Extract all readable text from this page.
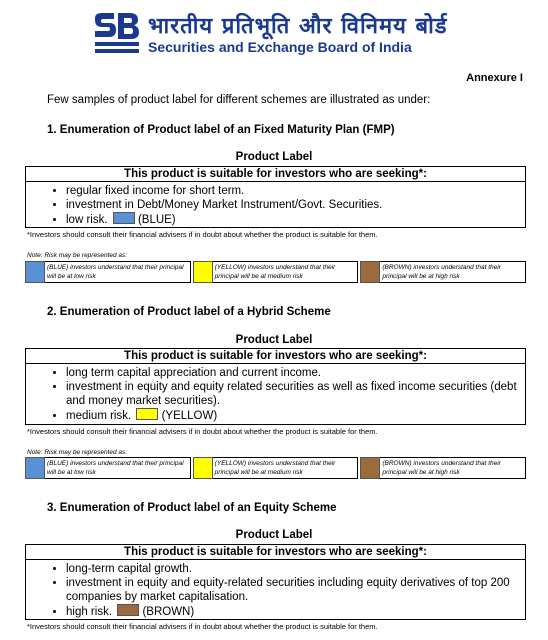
भारतीय प्रतिभूति और विनिमय बोर्ड
Securities and Exchange Board of India
Annexure I
Few samples of product label for different schemes are illustrated as under:
1. Enumeration of Product label of an Fixed Maturity Plan (FMP)
Product Label
This product is suitable for investors who are seeking*:
• regular fixed income for short term.
• investment in Debt/Money Market Instrument/Govt. Securities.
• low risk.	(BLUE)
*Investors should consult their financial advisers if in doubt about whether the product is suitable for them.
Note: Risk may be represented as:
(BLUE) investors understand that their principal will be at low risk
(YELLOW) investors understand that their principal will be at medium risk
(BROWN) investors understand that their principal will be at high risk
2. Enumeration of Product label of a Hybrid Scheme
Product Label
This product is suitable for investors who are seeking*:
• long term capital appreciation and current income.
• investment in equity and equity related securities as well as fixed income securities (debt and money market securities).
• medium risk.	(YELLOW)
*Investors should consult their financial advisers if in doubt about whether the product is suitable for them.
Note: Risk may be represented as:
(BLUE) investors understand that their principal will be at low risk
(YELLOW) investors understand that their principal will be at medium risk
(BROWN) investors understand that their principal will be at high risk
3. Enumeration of Product label of an Equity Scheme
Product Label
This product is suitable for investors who are seeking*:
• long-term capital growth.
• investment in equity and equity-related securities including equity derivatives of top 200 companies by market capitalisation.
• high risk.	(BROWN)
*Investors should consult their financial advisers if in doubt about whether the product is suitable for them.
